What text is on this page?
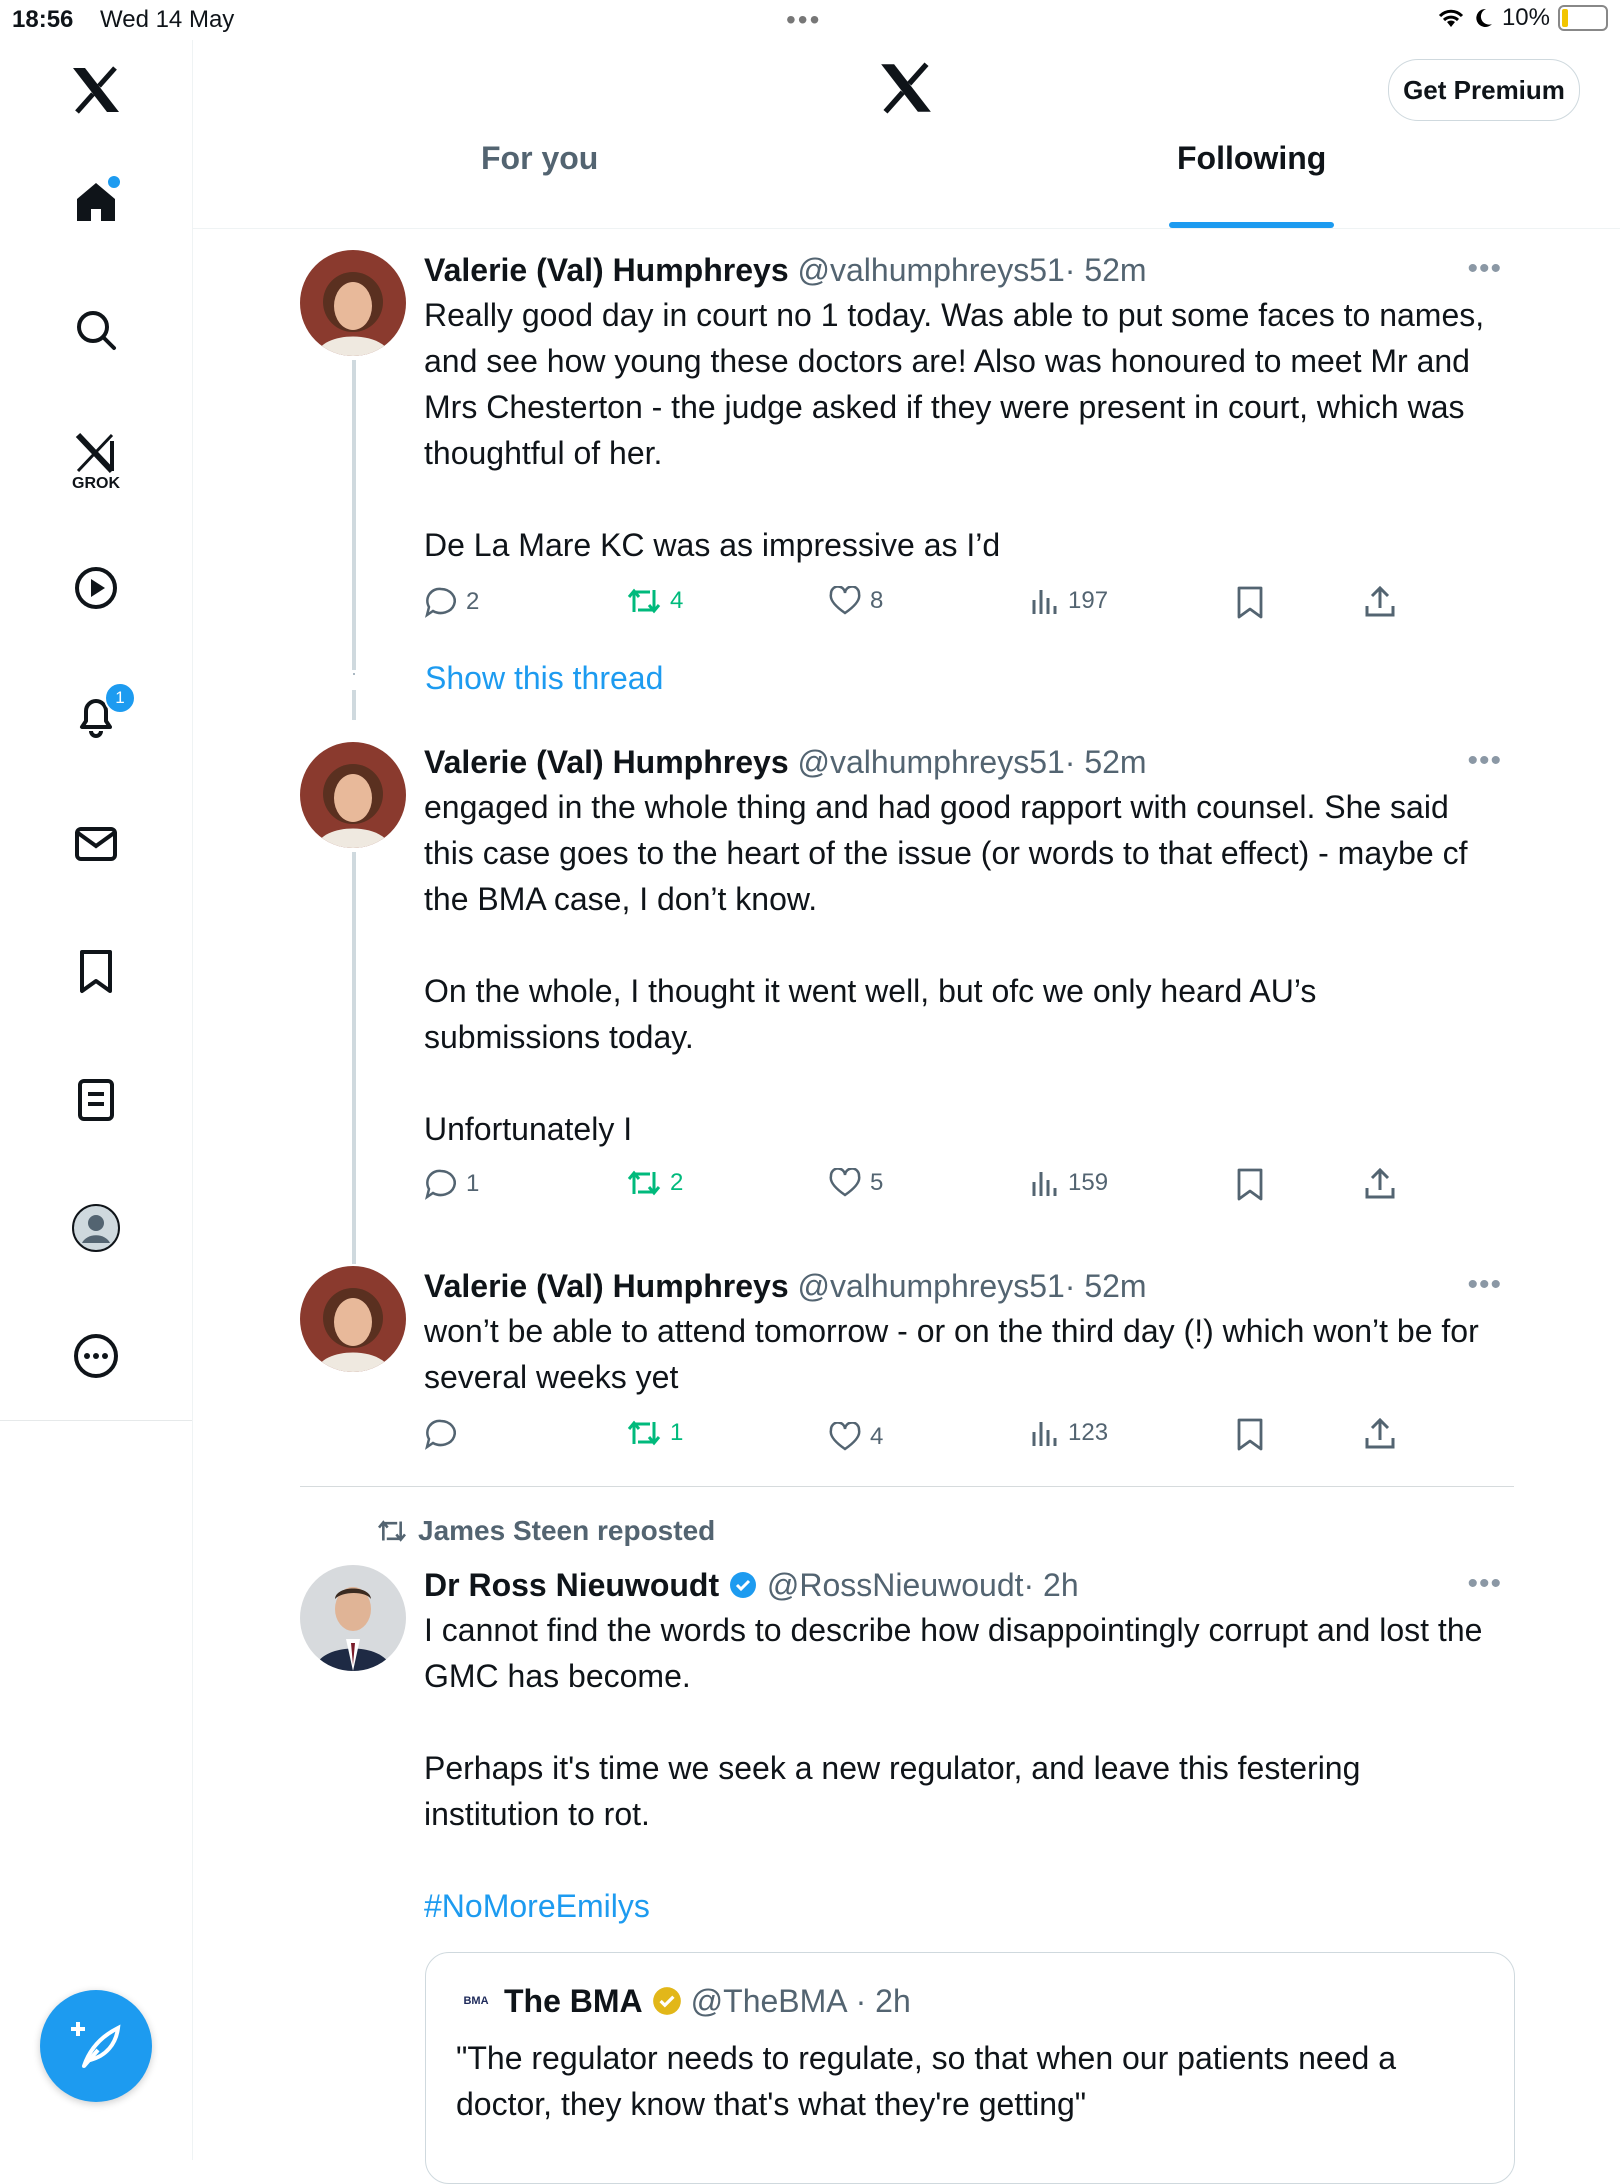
18:56 Wed 14 May	•••	10%
GROK
1
Get Premium
For you	Following
Valerie (Val) Humphreys @valhumphreys51· 52m	•••
Really good day in court no 1 today. Was able to put some faces to names, and see how young these doctors are! Also was honoured to meet Mr and Mrs Chesterton - the judge asked if they were present in court, which was thoughtful of her.

De La Mare KC was as impressive as I’d
2	4	8	197
Show this thread
Valerie (Val) Humphreys @valhumphreys51· 52m	•••
engaged in the whole thing and had good rapport with counsel. She said this case goes to the heart of the issue (or words to that effect) - maybe cf the BMA case, I don’t know.

On the whole, I thought it went well, but ofc we only heard AU’s submissions today.

Unfortunately I
1	2	5	159
Valerie (Val) Humphreys @valhumphreys51· 52m	•••
won’t be able to attend tomorrow - or on the third day (!) which won’t be for several weeks yet
1	4	123
James Steen reposted
Dr Ross Nieuwoudt @RossNieuwoudt· 2h	•••
I cannot find the words to describe how disappointingly corrupt and lost the GMC has become.

Perhaps it's time we seek a new regulator, and leave this festering institution to rot.
#NoMoreEmilys
BMA The BMA @TheBMA · 2h
"The regulator needs to regulate, so that when our patients need a doctor, they know that's what they're getting"
